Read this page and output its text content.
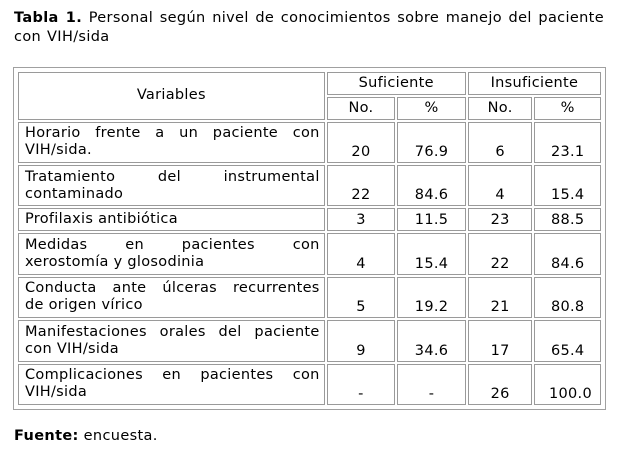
Tabla 1. Personal según nivel de conocimientos sobre manejo del paciente con VIH/sida
Variables	Suficiente		Insuficiente	
	No.	%	No.	%

Horario frente a un paciente con
VIH/sida.	20	76.9	6	23.1

Tratamiento del instrumental
contaminado	22	84.6	4	15.4

Profilaxis antibiótica	3	11.5	23	88.5

Medidas en pacientes con
xerostomía y glosodinia	4	15.4	22	84.6

Conducta ante úlceras recurrentes
de origen vírico	5	19.2	21	80.8

Manifestaciones orales del paciente
con VIH/sida	9	34.6	17	65.4

Complicaciones en pacientes con
VIH/sida	-	-	26	100.0
Fuente: encuesta.
